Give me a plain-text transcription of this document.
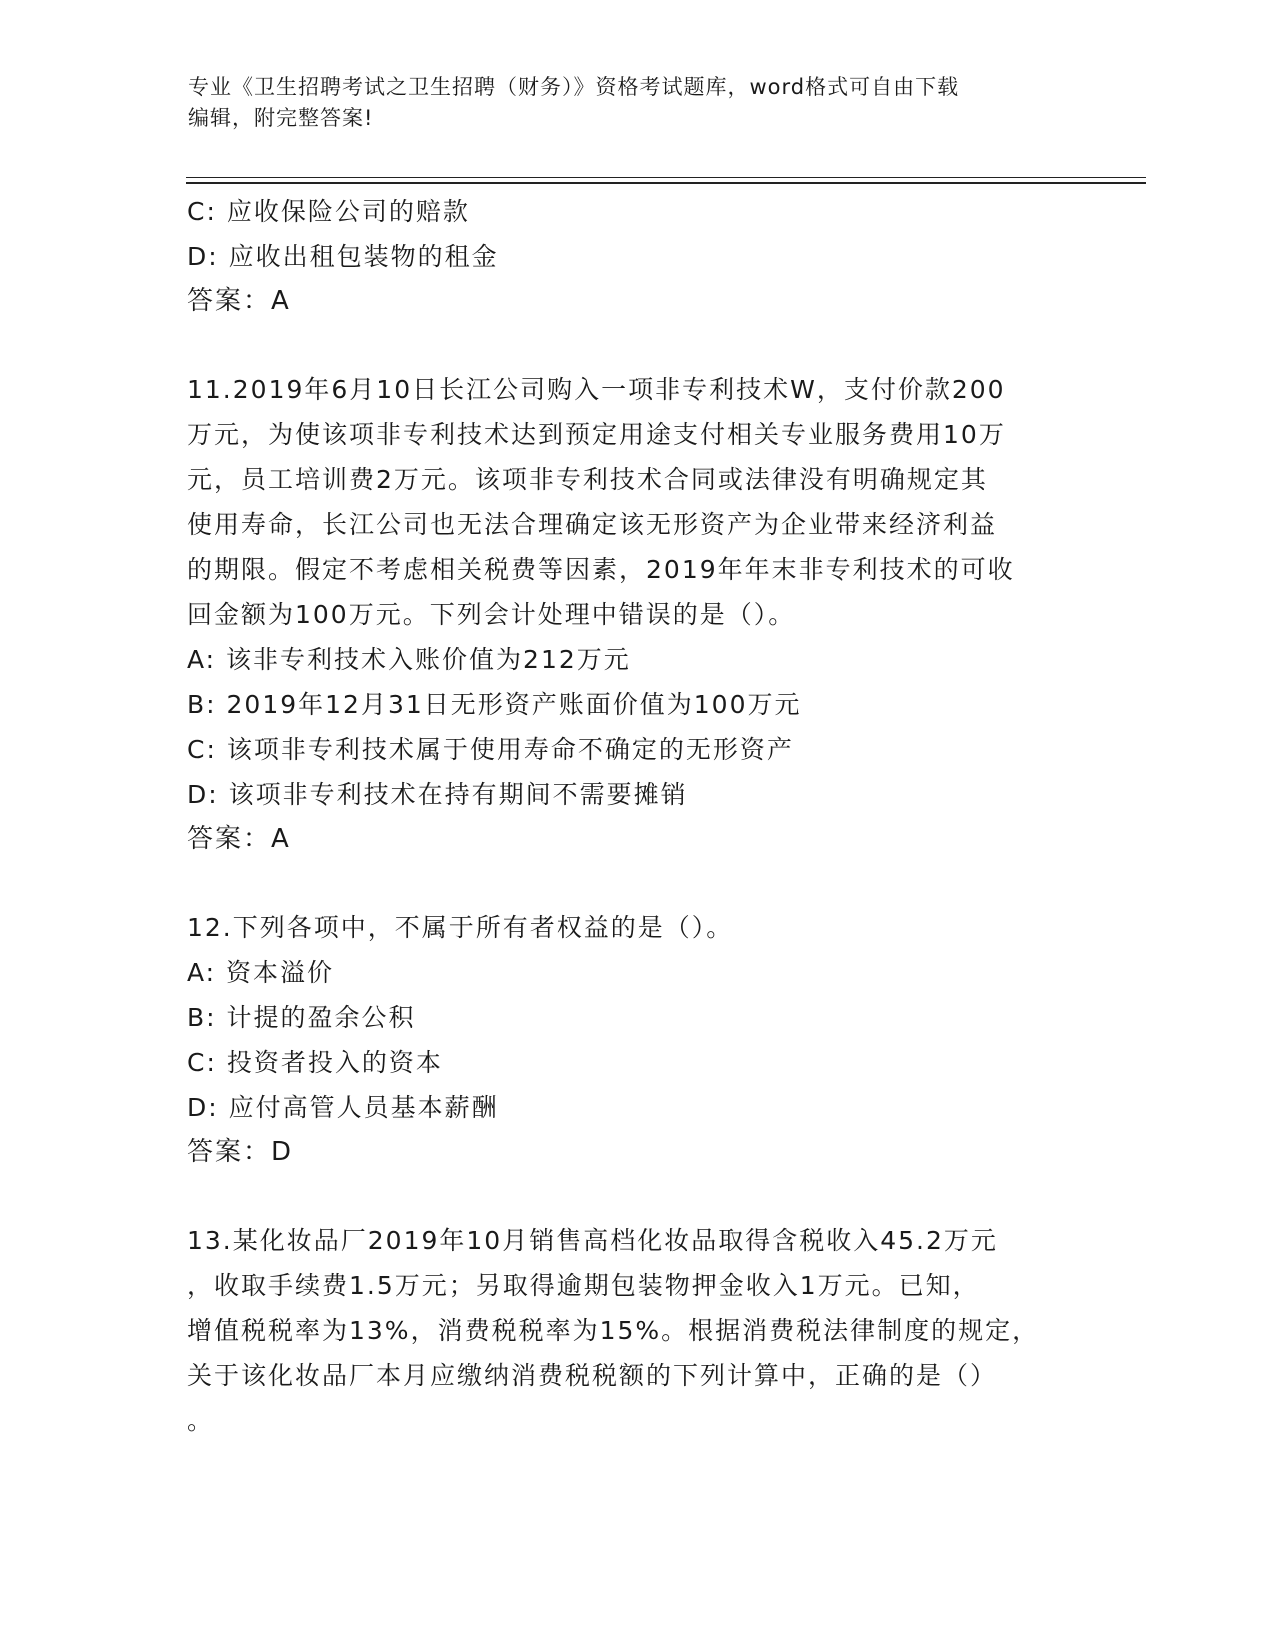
专业《卫生招聘考试之卫生招聘（财务）》资格考试题库，word格式可自由下载
编辑，附完整答案!
C: 应收保险公司的赔款
D: 应收出租包装物的租金
答案：A
11.2019年6月10日长江公司购入一项非专利技术W，支付价款200
万元，为使该项非专利技术达到预定用途支付相关专业服务费用10万
元，员工培训费2万元。该项非专利技术合同或法律没有明确规定其
使用寿命，长江公司也无法合理确定该无形资产为企业带来经济利益
的期限。假定不考虑相关税费等因素，2019年年末非专利技术的可收
回金额为100万元。下列会计处理中错误的是（）。
A: 该非专利技术入账价值为212万元
B: 2019年12月31日无形资产账面价值为100万元
C: 该项非专利技术属于使用寿命不确定的无形资产
D: 该项非专利技术在持有期间不需要摊销
答案：A
12.下列各项中，不属于所有者权益的是（）。
A: 资本溢价
B: 计提的盈余公积
C: 投资者投入的资本
D: 应付高管人员基本薪酬
答案：D
13.某化妆品厂2019年10月销售高档化妆品取得含税收入45.2万元
，收取手续费1.5万元；另取得逾期包装物押金收入1万元。已知，
增值税税率为13%，消费税税率为15%。根据消费税法律制度的规定，
关于该化妆品厂本月应缴纳消费税税额的下列计算中，正确的是（）
。
